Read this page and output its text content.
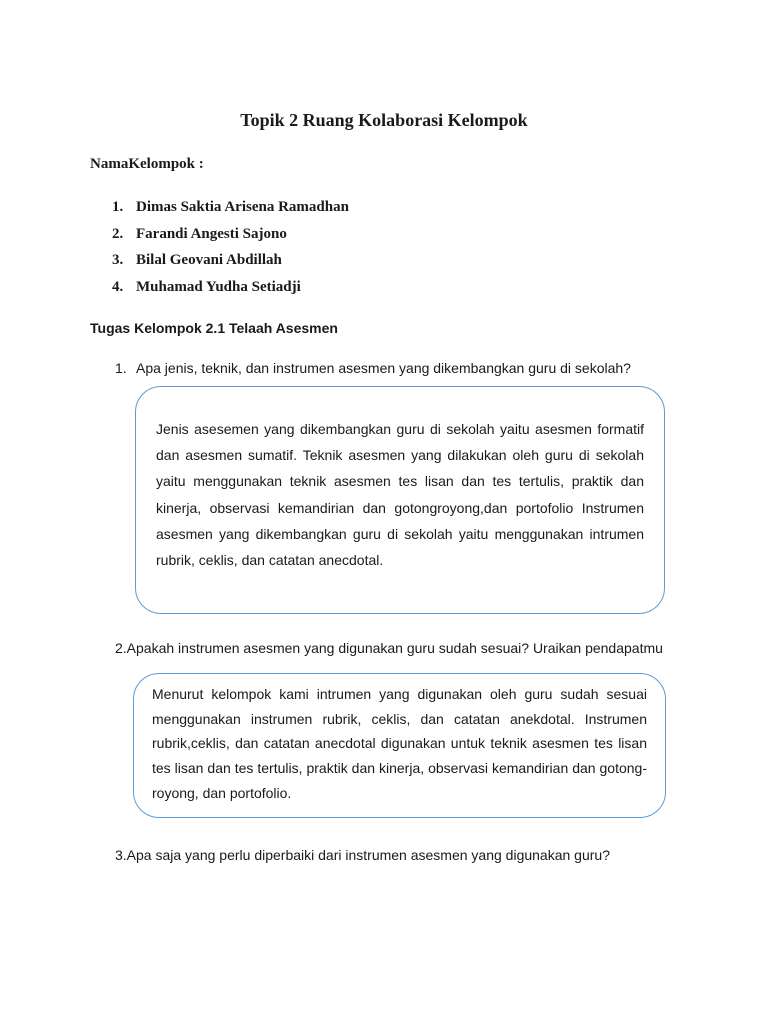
Topik 2 Ruang Kolaborasi Kelompok
NamaKelompok :
1. Dimas Saktia Arisena Ramadhan
2. Farandi Angesti Sajono
3. Bilal Geovani Abdillah
4. Muhamad Yudha Setiadji
Tugas Kelompok 2.1 Telaah Asesmen
1. Apa jenis, teknik, dan instrumen asesmen yang dikembangkan guru di sekolah?

Jenis asesemen yang dikembangkan guru di sekolah yaitu asesmen formatif dan asesmen sumatif. Teknik asesmen yang dilakukan oleh guru di sekolah yaitu menggunakan teknik asesmen tes lisan dan tes tertulis, praktik dan kinerja, observasi kemandirian dan gotongroyong,dan portofolio Instrumen asesmen yang dikembangkan guru di sekolah yaitu menggunakan intrumen rubrik, ceklis, dan catatan anecdotal.

2.Apakah instrumen asesmen yang digunakan guru sudah sesuai? Uraikan pendapatmu

Menurut kelompok kami intrumen yang digunakan oleh guru sudah sesuai menggunakan instrumen rubrik, ceklis, dan catatan anekdotal. Instrumen rubrik,ceklis, dan catatan anecdotal digunakan untuk teknik asesmen tes lisan tes lisan dan tes tertulis, praktik dan kinerja, observasi kemandirian dan gotong-royong, dan portofolio.

3.Apa saja yang perlu diperbaiki dari instrumen asesmen yang digunakan guru?
